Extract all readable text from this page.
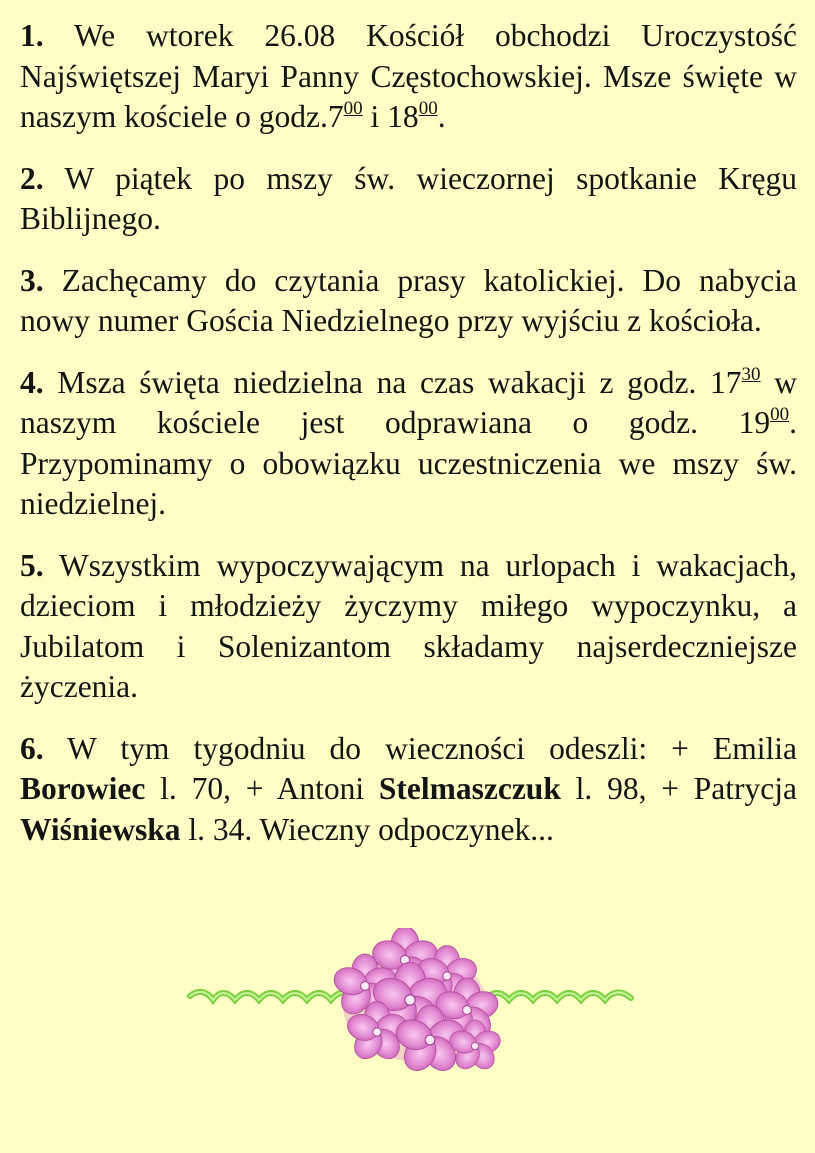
1. We wtorek 26.08 Kościół obchodzi Uroczystość Najświętszej Maryi Panny Częstochowskiej. Msze święte w naszym kościele o $godz.7^{00}$ i $18^{00}$.

2. W piątek po mszy św. wieczornej spotkanie Kręgu Biblijnego.

3. Zachęcamy do czytania prasy katolickiej. Do nabycia nowy numer Gościa Niedzielnego przy wyjściu z kościoła.

4. Msza święta niedzielna na czas wakacji z godz. $17^{30}$ w naszym kościele jest odprawiana o godz. $19^{00}$. Przypominamy o obowiązku uczestniczenia we mszy św. niedzielnej.

5. Wszystkim wypoczywającym na urlopach i wakacjach, dzieciom i młodzieży życzymy miłego wypoczynku, a Jubilatom i Solenizantom składamy najserdeczniejsze życzenia.

6. W tym tygodniu do wieczności odeszli: + Emilia Borowiec l. 70, + Antoni Stelmaszczuk l. 98, + Patrycja Wiśniewska l. 34. Wieczny odpoczynek...
